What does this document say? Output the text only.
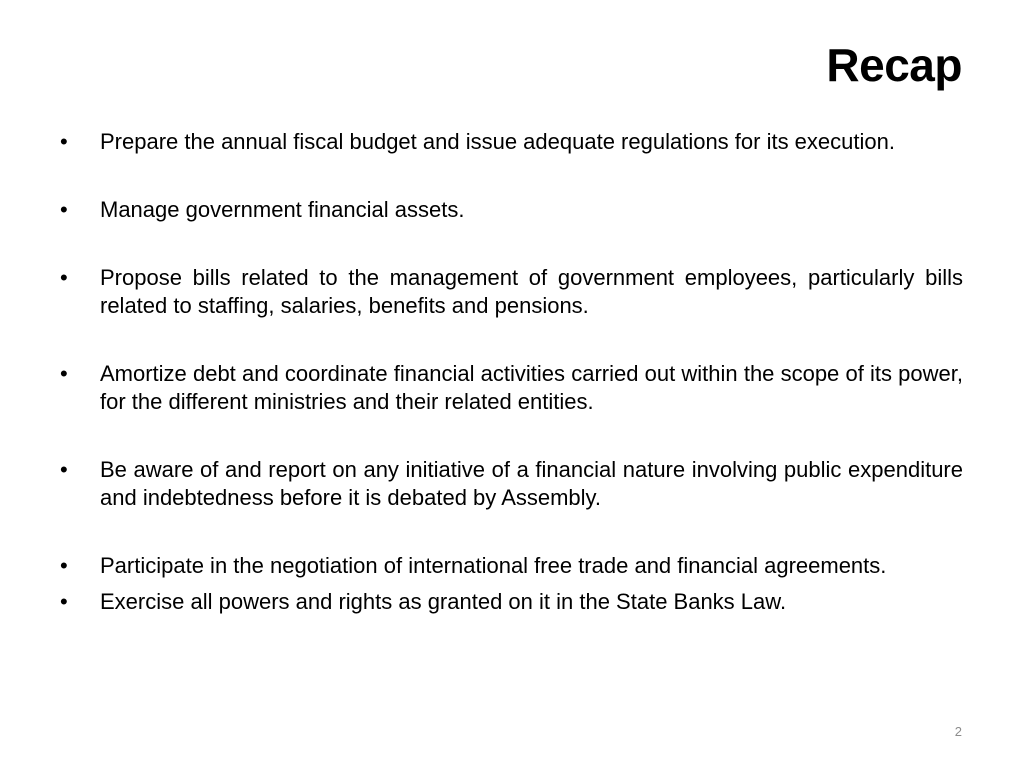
Recap
•	Prepare the annual fiscal budget and issue adequate regulations for its execution.
•	Manage government financial assets.
•	Propose bills related to the management of government employees, particularly bills related to staffing, salaries, benefits and pensions.
•	Amortize debt and coordinate financial activities carried out within the scope of its power, for the different ministries and their related entities.
•	Be aware of and report on any initiative of a financial nature involving public expenditure and indebtedness before it is debated by Assembly.
•	Participate in the negotiation of international free trade and financial agreements.
•	Exercise all powers and rights as granted on it in the State Banks Law.
2
